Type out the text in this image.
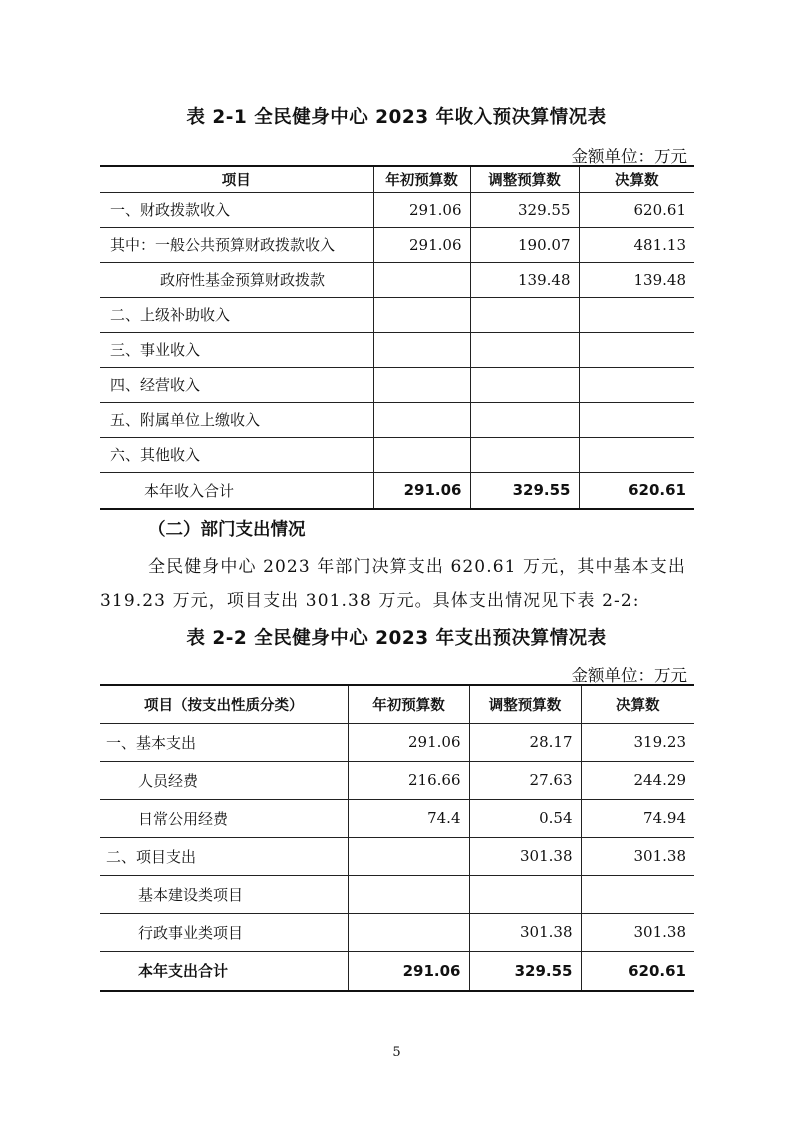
表 2-1 全民健身中心 2023 年收入预决算情况表
金额单位：万元
项目	年初预算数	调整预算数	决算数
一、财政拨款收入	291.06	329.55	620.61
其中：一般公共预算财政拨款收入	291.06	190.07	481.13
政府性基金预算财政拨款		139.48	139.48
二、上级补助收入			
三、事业收入			
四、经营收入			
五、附属单位上缴收入			
六、其他收入			
本年收入合计	291.06	329.55	620.61
（二）部门支出情况
全民健身中心 2023 年部门决算支出 620.61 万元，其中基本支出
319.23 万元，项目支出 301.38 万元。具体支出情况见下表 2-2:
表 2-2 全民健身中心 2023 年支出预决算情况表
金额单位：万元
项目（按支出性质分类）	年初预算数	调整预算数	决算数
一、基本支出	291.06	28.17	319.23
人员经费	216.66	27.63	244.29
日常公用经费	74.4	0.54	74.94
二、项目支出		301.38	301.38
基本建设类项目			
行政事业类项目		301.38	301.38
本年支出合计	291.06	329.55	620.61
5
